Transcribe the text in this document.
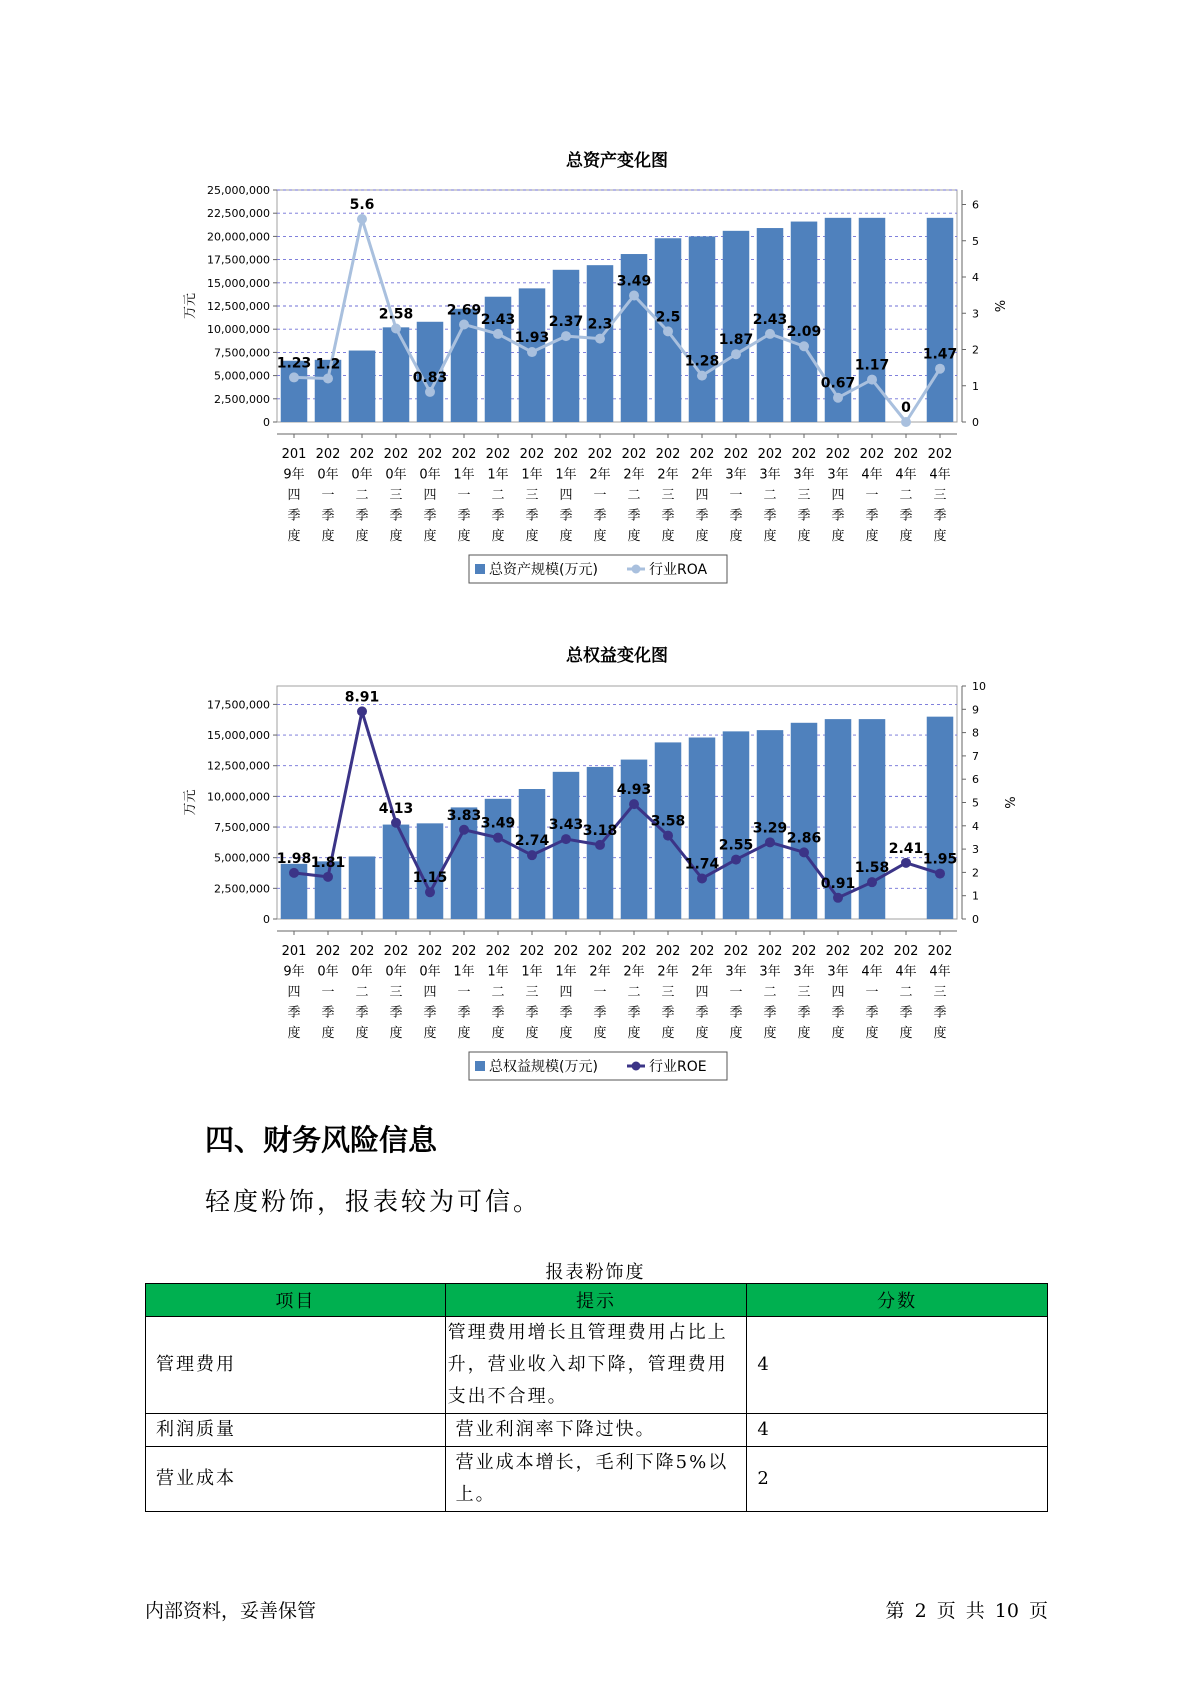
总资产变化图
0
2,500,000
5,000,000
7,500,000
10,000,000
12,500,000
15,000,000
17,500,000
20,000,000
22,500,000
25,000,000
0
1
2
3
4
5
6
万元	%
201 9年四季度
202 0年一季度
202 0年二季度
202 0年三季度
202 0年四季度
202 1年一季度
202 1年二季度
202 1年三季度
202 1年四季度
202 2年一季度
202 2年二季度
202 2年三季度
202 2年四季度
202 3年一季度
202 3年二季度
202 3年三季度
202 3年四季度
202 4年一季度
202 4年二季度
202 4年三季度
1.23 1.2
5.6
2.58
0.83
2.69
2.43
1.93
2.37 2.3
3.49
2.5
1.28
1.87
2.43
2.09
0.67
1.17
0
1.47
总资产规模(万元)	行业ROA
总权益变化图
0
2,500,000
5,000,000
7,500,000
10,000,000
12,500,000
15,000,000
17,500,000
0
1
2
3
4
5
6
7
8
9
10
万元	%
201 9年四季度
202 0年一季度
202 0年二季度
202 0年三季度
202 0年四季度
202 1年一季度
202 1年二季度
202 1年三季度
202 1年四季度
202 2年一季度
202 2年二季度
202 2年三季度
202 2年四季度
202 3年一季度
202 3年二季度
202 3年三季度
202 3年四季度
202 4年一季度
202 4年二季度
202 4年三季度
1.98 1.81
8.91
4.13
1.15
3.83 3.49
2.74
3.43 3.18
4.93
3.58
1.74
2.55
3.29
2.86
0.91
1.58
2.41
1.95
总权益规模(万元)	行业ROE
四、财务风险信息

轻度粉饰，报表较为可信。

报表粉饰度
项目	提示	分数
管理费用	管理费用增长且管理费用占比上升，营业收入却下降，管理费用支出不合理。	4
利润质量	营业利润率下降过快。	4
营业成本	营业成本增长，毛利下降5%以上。	2
内部资料，妥善保管	第 2 页 共 10 页
